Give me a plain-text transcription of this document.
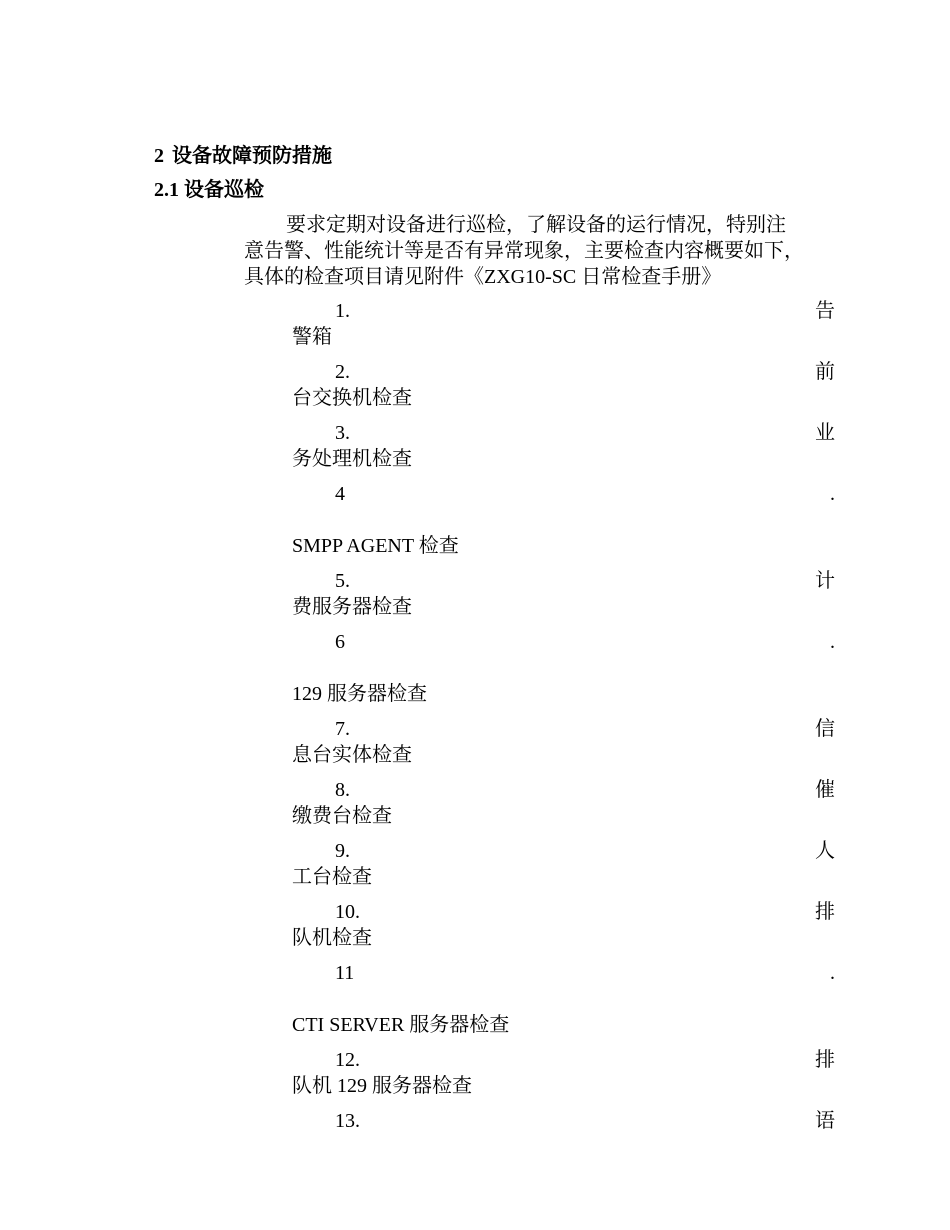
2 设备故障预防措施
2.1 设备巡检
要求定期对设备进行巡检，了解设备的运行情况，特别注
意告警、性能统计等是否有异常现象，主要检查内容概要如下，
具体的检查项目请见附件《ZXG10-SC 日常检查手册》
1.	告
警箱
2.	前
台交换机检查
3.	业
务处理机检查
4	.
SMPP AGENT 检查
5.	计
费服务器检查
6	.
129 服务器检查
7.	信
息台实体检查
8.	催
缴费台检查
9.	人
工台检查
10.	排
队机检查
11	.
CTI SERVER 服务器检查
12.	排
队机 129 服务器检查
13.	语
